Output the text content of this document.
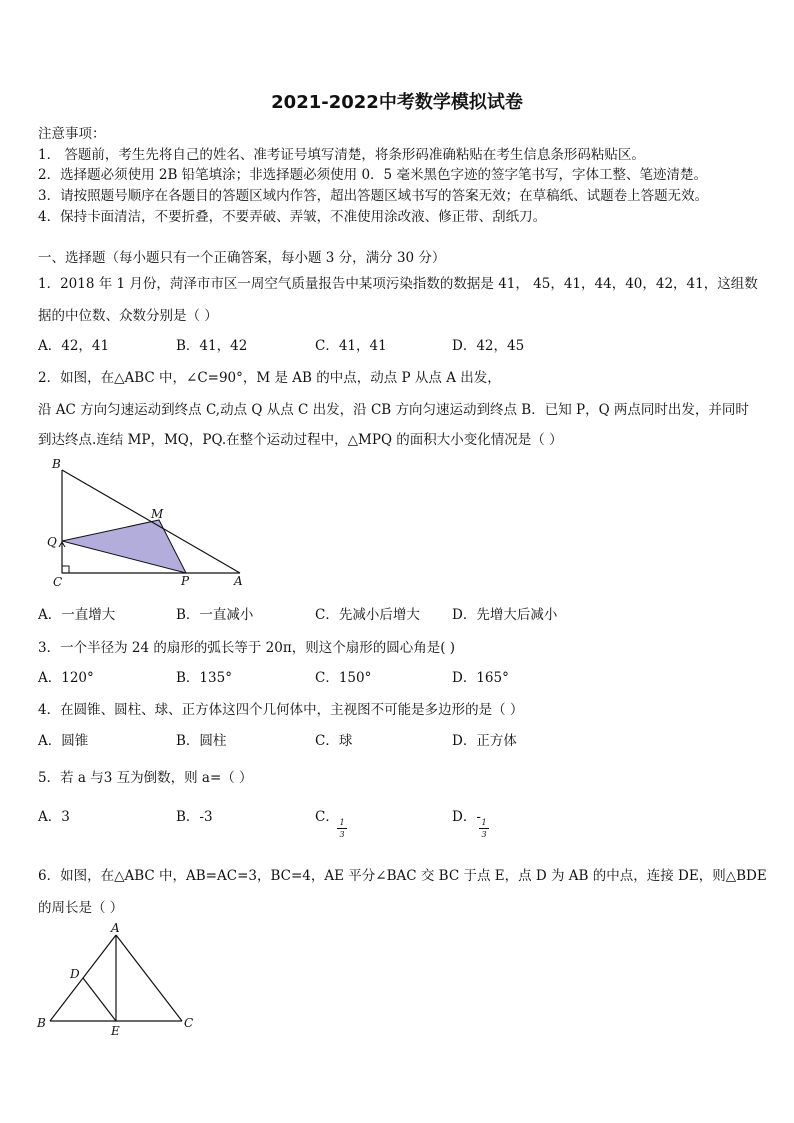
2021-2022中考数学模拟试卷
注意事项：
1． 答题前，考生先将自己的姓名、准考证号填写清楚，将条形码准确粘贴在考生信息条形码粘贴区。
2．选择题必须使用 2B 铅笔填涂；非选择题必须使用 0．5 毫米黑色字迹的签字笔书写，字体工整、笔迹清楚。
3．请按照题号顺序在各题目的答题区域内作答，超出答题区域书写的答案无效；在草稿纸、试题卷上答题无效。
4．保持卡面清洁，不要折叠，不要弄破、弄皱，不准使用涂改液、修正带、刮纸刀。
一、选择题（每小题只有一个正确答案，每小题 3 分，满分 30 分）
1．2018 年 1 月份，菏泽市市区一周空气质量报告中某项污染指数的数据是 41， 45，41，44，40，42，41，这组数
据的中位数、众数分别是（ ）
A．42，41	B．41，42	C．41，41	D．42，45
2．如图，在△ABC 中，∠C=90°，M 是 AB 的中点，动点 P 从点 A 出发，
沿 AC 方向匀速运动到终点 C,动点 Q 从点 C 出发，沿 CB 方向匀速运动到终点 B．已知 P，Q 两点同时出发，并同时
到达终点.连结 MP，MQ，PQ.在整个运动过程中，△MPQ 的面积大小变化情况是（ ）
B
M
Q
C	P	A
A．一直增大	B．一直减小	C．先减小后增大 D．先增大后减小
3．一个半径为 24 的扇形的弧长等于 20π，则这个扇形的圆心角是( )
A．120°	B．135°	C．150°	D．165°
4．在圆锥、圆柱、球、正方体这四个几何体中，主视图不可能是多边形的是（ ）
A．圆锥	B．圆柱	C．球	D．正方体
5．若 a 与3 互为倒数，则 a=（ ）
A．3	B．-3	C． 1
3
D．- 1
3
6．如图，在△ABC 中，AB=AC=3，BC=4，AE 平分∠BAC 交 BC 于点 E，点 D 为 AB 的中点，连接 DE，则△BDE
的周长是（ ）
A
D
B
E
C
